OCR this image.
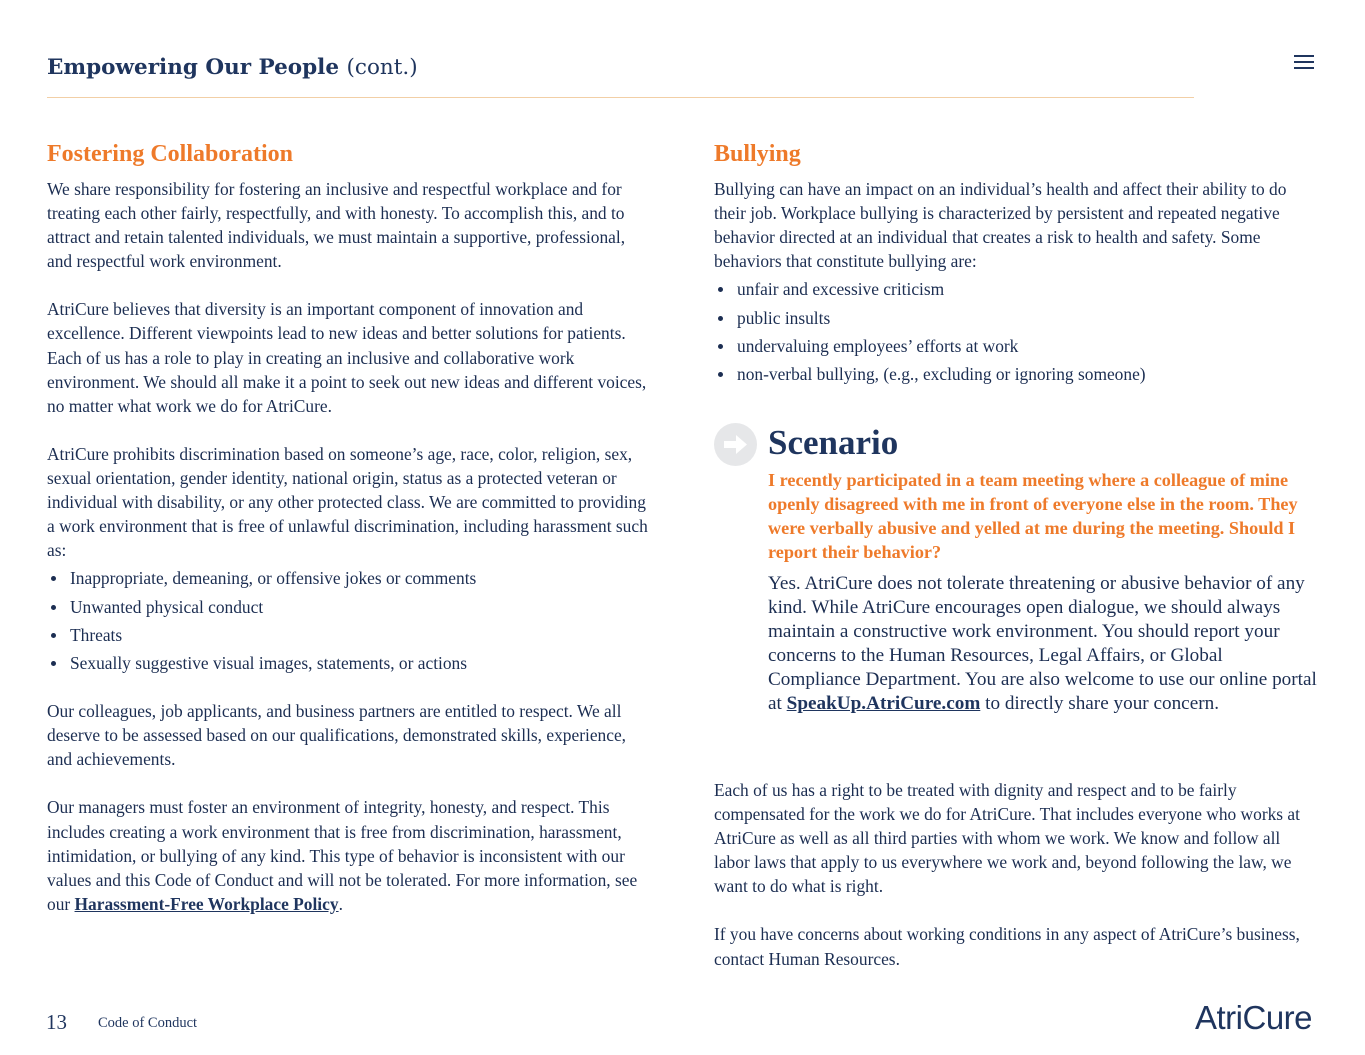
Empowering Our People (cont.)
Fostering Collaboration

We share responsibility for fostering an inclusive and respectful workplace and for treating each other fairly, respectfully, and with honesty. To accomplish this, and to attract and retain talented individuals, we must maintain a supportive, professional, and respectful work environment.

AtriCure believes that diversity is an important component of innovation and excellence. Different viewpoints lead to new ideas and better solutions for patients. Each of us has a role to play in creating an inclusive and collaborative work environment. We should all make it a point to seek out new ideas and different voices, no matter what work we do for AtriCure.

AtriCure prohibits discrimination based on someone’s age, race, color, religion, sex, sexual orientation, gender identity, national origin, status as a protected veteran or individual with disability, or any other protected class. We are committed to providing a work environment that is free of unlawful discrimination, including harassment such as:

Inappropriate, demeaning, or offensive jokes or comments
Unwanted physical conduct
Threats
Sexually suggestive visual images, statements, or actions

Our colleagues, job applicants, and business partners are entitled to respect. We all deserve to be assessed based on our qualifications, demonstrated skills, experience, and achievements.

Our managers must foster an environment of integrity, honesty, and respect. This includes creating a work environment that is free from discrimination, harassment, intimidation, or bullying of any kind. This type of behavior is inconsistent with our values and this Code of Conduct and will not be tolerated. For more information, see our Harassment-Free Workplace Policy.

Bullying

Bullying can have an impact on an individual’s health and affect their ability to do their job. Workplace bullying is characterized by persistent and repeated negative behavior directed at an individual that creates a risk to health and safety. Some behaviors that constitute bullying are:

unfair and excessive criticism
public insults
undervaluing employees’ efforts at work
non-verbal bullying, (e.g., excluding or ignoring someone)
Scenario

I recently participated in a team meeting where a colleague of mine openly disagreed with me in front of everyone else in the room. They were verbally abusive and yelled at me during the meeting. Should I report their behavior?

Yes. AtriCure does not tolerate threatening or abusive behavior of any kind. While AtriCure encourages open dialogue, we should always maintain a constructive work environment. You should report your concerns to the Human Resources, Legal Affairs, or Global Compliance Department. You are also welcome to use our online portal at SpeakUp.AtriCure.com to directly share your concern.

Each of us has a right to be treated with dignity and respect and to be fairly compensated for the work we do for AtriCure. That includes everyone who works at AtriCure as well as all third parties with whom we work. We know and follow all labor laws that apply to us everywhere we work and, beyond following the law, we want to do what is right.

If you have concerns about working conditions in any aspect of AtriCure’s business, contact Human Resources.

13 Code of Conduct	AtriCure
